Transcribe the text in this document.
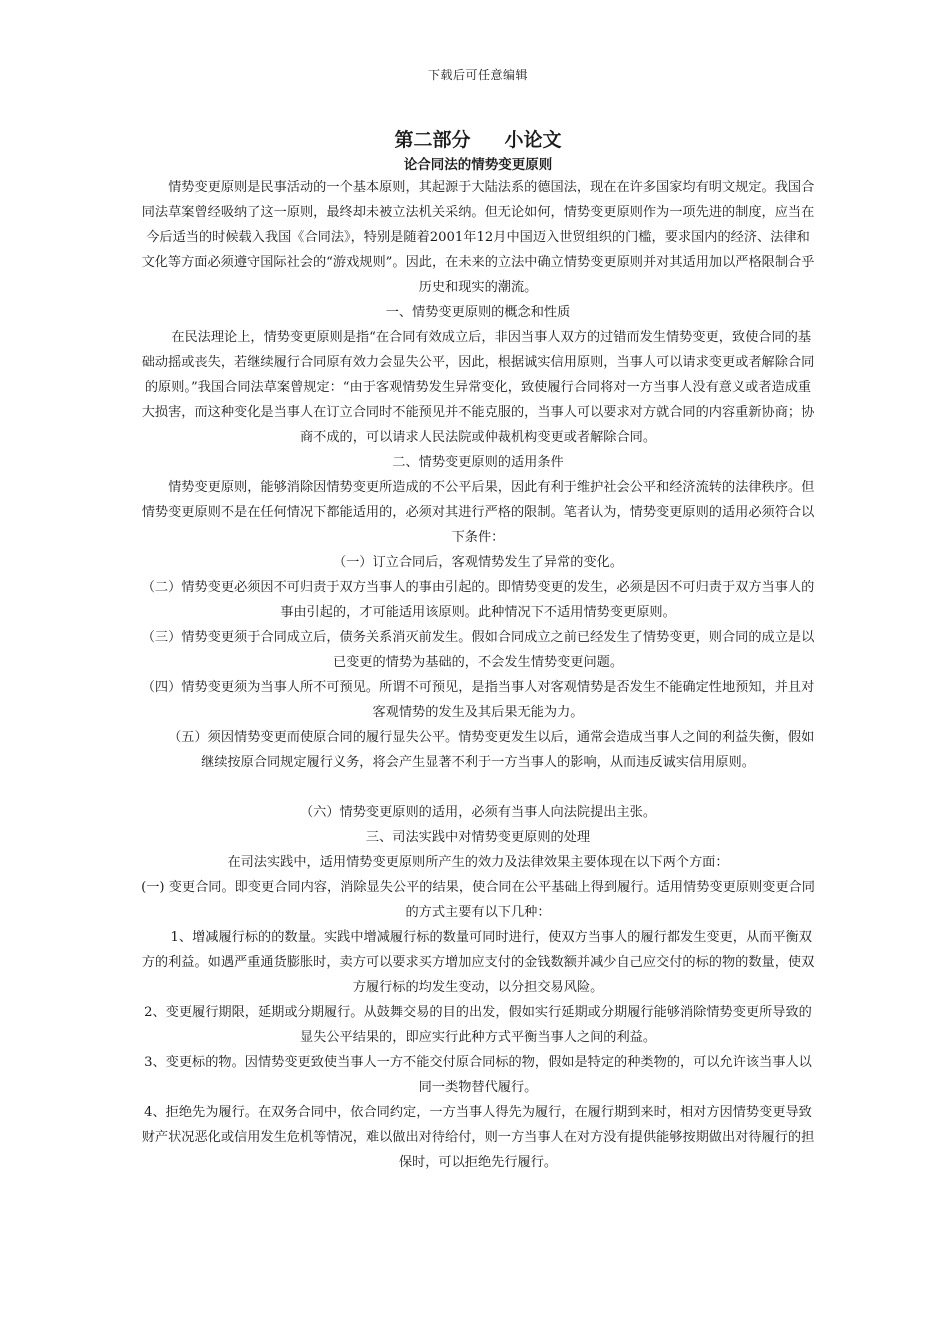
下载后可任意编辑
第二部分 小论文
论合同法的情势变更原则

情势变更原则是民事活动的一个基本原则，其起源于大陆法系的德国法，现在在许多国家均有明文规定。我国合同法草案曾经吸纳了这一原则，最终却未被立法机关采纳。但无论如何，情势变更原则作为一项先进的制度，应当在今后适当的时候载入我国《合同法》，特别是随着2001年12月中国迈入世贸组织的门槛，要求国内的经济、法律和文化等方面必须遵守国际社会的“游戏规则”。因此，在未来的立法中确立情势变更原则并对其适用加以严格限制合乎历史和现实的潮流。

一、情势变更原则的概念和性质

在民法理论上，情势变更原则是指“在合同有效成立后，非因当事人双方的过错而发生情势变更，致使合同的基础动摇或丧失，若继续履行合同原有效力会显失公平，因此，根据诚实信用原则，当事人可以请求变更或者解除合同的原则。”我国合同法草案曾规定：“由于客观情势发生异常变化，致使履行合同将对一方当事人没有意义或者造成重大损害，而这种变化是当事人在订立合同时不能预见并不能克服的，当事人可以要求对方就合同的内容重新协商；协商不成的，可以请求人民法院或仲裁机构变更或者解除合同。

二、情势变更原则的适用条件

情势变更原则，能够消除因情势变更所造成的不公平后果，因此有利于维护社会公平和经济流转的法律秩序。但情势变更原则不是在任何情况下都能适用的，必须对其进行严格的限制。笔者认为，情势变更原则的适用必须符合以下条件：

（一）订立合同后，客观情势发生了异常的变化。

（二）情势变更必须因不可归责于双方当事人的事由引起的。即情势变更的发生，必须是因不可归责于双方当事人的事由引起的，才可能适用该原则。此种情况下不适用情势变更原则。

（三）情势变更须于合同成立后，债务关系消灭前发生。假如合同成立之前已经发生了情势变更，则合同的成立是以已变更的情势为基础的，不会发生情势变更问题。

（四）情势变更须为当事人所不可预见。所谓不可预见，是指当事人对客观情势是否发生不能确定性地预知，并且对客观情势的发生及其后果无能为力。

（五）须因情势变更而使原合同的履行显失公平。情势变更发生以后，通常会造成当事人之间的利益失衡，假如继续按原合同规定履行义务，将会产生显著不利于一方当事人的影响，从而违反诚实信用原则。

（六）情势变更原则的适用，必须有当事人向法院提出主张。

三、司法实践中对情势变更原则的处理

在司法实践中，适用情势变更原则所产生的效力及法律效果主要体现在以下两个方面：

(一) 变更合同。即变更合同内容，消除显失公平的结果，使合同在公平基础上得到履行。适用情势变更原则变更合同的方式主要有以下几种：

1、增减履行标的的数量。实践中增减履行标的数量可同时进行，使双方当事人的履行都发生变更，从而平衡双方的利益。如遇严重通货膨胀时，卖方可以要求买方增加应支付的金钱数额并减少自己应交付的标的物的数量，使双方履行标的均发生变动，以分担交易风险。

2、变更履行期限，延期或分期履行。从鼓舞交易的目的出发，假如实行延期或分期履行能够消除情势变更所导致的显失公平结果的，即应实行此种方式平衡当事人之间的利益。

3、变更标的物。因情势变更致使当事人一方不能交付原合同标的物，假如是特定的种类物的，可以允许该当事人以同一类物替代履行。

4、拒绝先为履行。在双务合同中，依合同约定，一方当事人得先为履行，在履行期到来时，相对方因情势变更导致财产状况恶化或信用发生危机等情况，难以做出对待给付，则一方当事人在对方没有提供能够按期做出对待履行的担保时，可以拒绝先行履行。
